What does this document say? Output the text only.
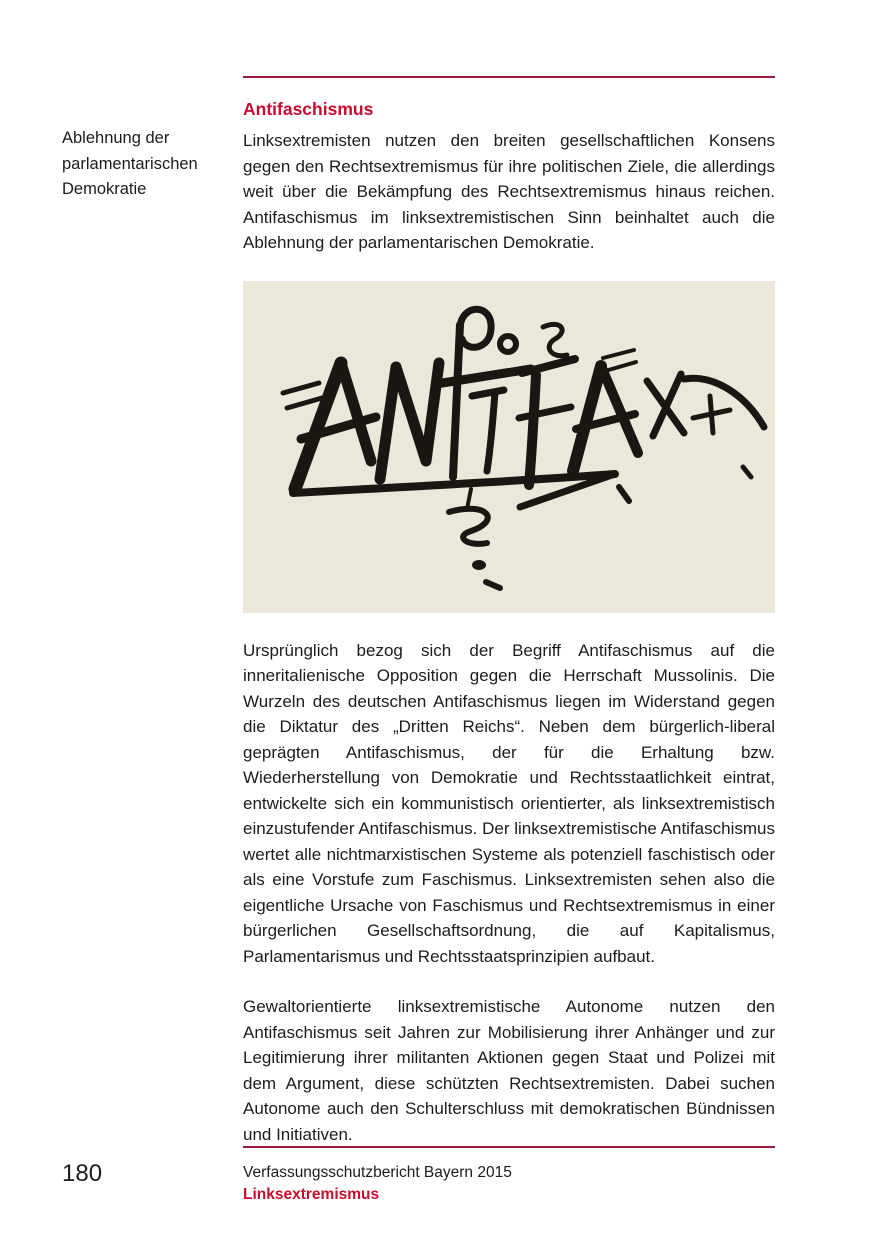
Ablehnung der parlamentarischen Demokratie
Antifaschismus

Linksextremisten nutzen den breiten gesellschaftlichen Konsens gegen den Rechtsextremismus für ihre politischen Ziele, die allerdings weit über die Bekämpfung des Rechtsextremismus hinaus reichen. Antifaschismus im linksextremistischen Sinn beinhaltet auch die Ablehnung der parlamentarischen Demokratie.

Ursprünglich bezog sich der Begriff Antifaschismus auf die inneritalienische Opposition gegen die Herrschaft Mussolinis. Die Wurzeln des deutschen Antifaschismus liegen im Widerstand gegen die Diktatur des „Dritten Reichs“. Neben dem bürgerlich-liberal geprägten Antifaschismus, der für die Erhaltung bzw. Wiederherstellung von Demokratie und Rechtsstaatlichkeit eintrat, entwickelte sich ein kommunistisch orientierter, als linksextremistisch einzustufender Antifaschismus. Der linksextremistische Antifaschismus wertet alle nichtmarxistischen Systeme als potenziell faschistisch oder als eine Vorstufe zum Faschismus. Linksextremisten sehen also die eigentliche Ursache von Faschismus und Rechtsextremismus in einer bürgerlichen Gesellschaftsordnung, die auf Kapitalismus, Parlamentarismus und Rechtsstaatsprinzipien aufbaut.

Gewaltorientierte linksextremistische Autonome nutzen den Antifaschismus seit Jahren zur Mobilisierung ihrer Anhänger und zur Legitimierung ihrer militanten Aktionen gegen Staat und Polizei mit dem Argument, diese schützten Rechtsextremisten. Dabei suchen Autonome auch den Schulterschluss mit demokratischen Bündnissen und Initiativen.

180	Verfassungsschutzbericht Bayern 2015
Linksextremismus
